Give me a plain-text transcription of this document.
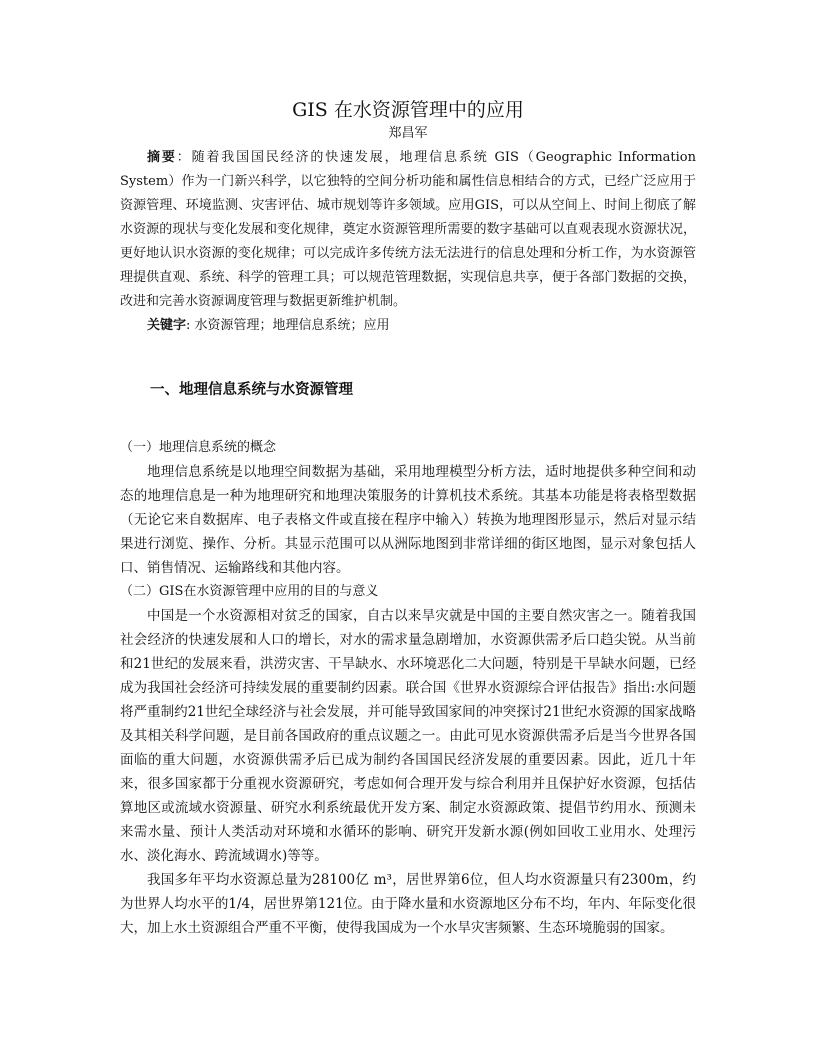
GIS 在水资源管理中的应用
郑昌军

摘要：随着我国国民经济的快速发展，地理信息系统 GIS（Geographic Information System）作为一门新兴科学，以它独特的空间分析功能和属性信息相结合的方式，已经广泛应用于资源管理、环境监测、灾害评估、城市规划等许多领域。应用GIS，可以从空间上、时间上彻底了解水资源的现状与变化发展和变化规律，奠定水资源管理所需要的数字基础可以直观表现水资源状况，更好地认识水资源的变化规律；可以完成许多传统方法无法进行的信息处理和分析工作，为水资源管理提供直观、系统、科学的管理工具；可以规范管理数据，实现信息共享，便于各部门数据的交换，改进和完善水资源调度管理与数据更新维护机制。

关键字: 水资源管理；地理信息系统；应用

一、地理信息系统与水资源管理
（一）地理信息系统的概念

地理信息系统是以地理空间数据为基础，采用地理模型分析方法，适时地提供多种空间和动态的地理信息是一种为地理研究和地理决策服务的计算机技术系统。其基本功能是将表格型数据（无论它来自数据库、电子表格文件或直接在程序中输入）转换为地理图形显示，然后对显示结果进行浏览、操作、分析。其显示范围可以从洲际地图到非常详细的街区地图，显示对象包括人口、销售情况、运输路线和其他内容。

（二）GIS在水资源管理中应用的目的与意义

中国是一个水资源相对贫乏的国家，自古以来旱灾就是中国的主要自然灾害之一。随着我国社会经济的快速发展和人口的增长，对水的需求量急剧增加，水资源供需矛后口趋尖锐。从当前和21世纪的发展来看，洪涝灾害、干旱缺水、水环境恶化二大问题，特别是干旱缺水问题，已经成为我国社会经济可持续发展的重要制约因素。联合国《世界水资源综合评估报告》指出:水问题将严重制约21世纪全球经济与社会发展，并可能导致国家间的冲突探讨21世纪水资源的国家战略及其相关科学问题，是目前各国政府的重点议题之一。由此可见水资源供需矛后是当今世界各国面临的重大问题，水资源供需矛后已成为制约各国国民经济发展的重要因素。因此，近几十年来，很多国家都于分重视水资源研究，考虑如何合理开发与综合利用并且保护好水资源，包括估算地区或流域水资源量、研究水利系统最优开发方案、制定水资源政策、提倡节约用水、预测未来需水量、预计人类活动对环境和水循环的影响、研究开发新水源(例如回收工业用水、处理污水、淡化海水、跨流域调水)等等。

我国多年平均水资源总量为28100亿 m³，居世界第6位，但人均水资源量只有2300m，约为世界人均水平的1/4，居世界第121位。由于降水量和水资源地区分布不均，年内、年际变化很大，加上水土资源组合严重不平衡，使得我国成为一个水旱灾害频繁、生态环境脆弱的国家。
